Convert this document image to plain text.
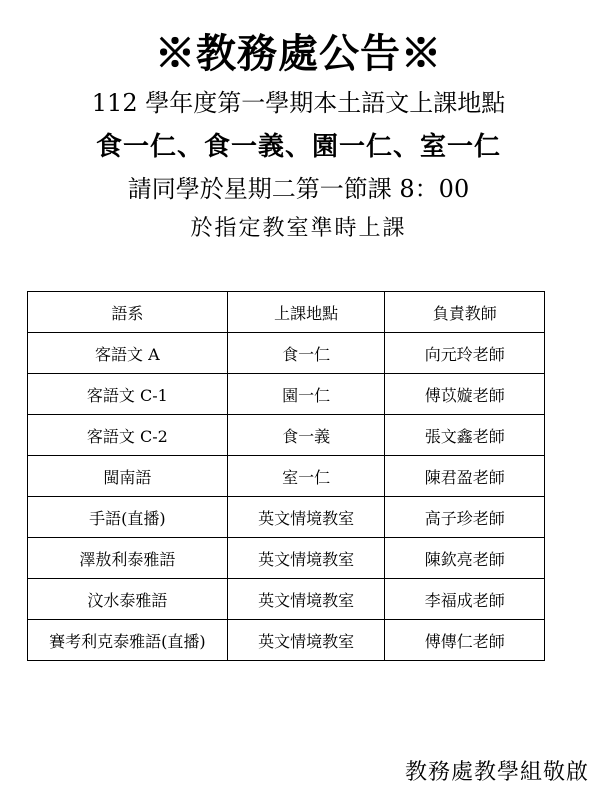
※教務處公告※
112 學年度第一學期本土語文上課地點
食一仁、食一義、園一仁、室一仁
請同學於星期二第一節課 8：00
於指定教室準時上課
語系	上課地點	負責教師
客語文 A	食一仁	向元玲老師
客語文 C-1	園一仁	傅苡嫙老師
客語文 C-2	食一義	張文鑫老師
閩南語	室一仁	陳君盈老師
手語(直播)	英文情境教室	高子珍老師
澤敖利泰雅語	英文情境教室	陳欽亮老師
汶水泰雅語	英文情境教室	李福成老師
賽考利克泰雅語(直播)	英文情境教室	傅傳仁老師
教務處教學組敬啟
